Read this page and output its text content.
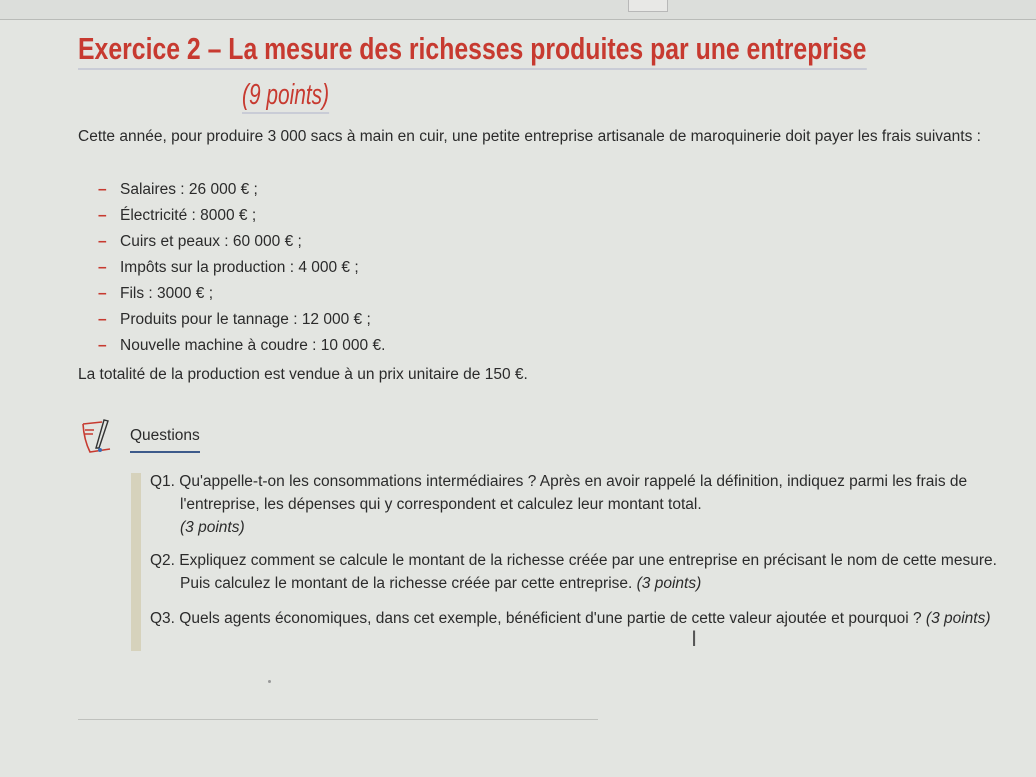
Exercice 2 – La mesure des richesses produites par une entreprise
(9 points)
Cette année, pour produire 3 000 sacs à main en cuir, une petite entreprise artisanale de maroquinerie doit payer les frais suivants :
– Salaires : 26 000 € ;
– Électricité : 8000 € ;
– Cuirs et peaux : 60 000 € ;
– Impôts sur la production : 4 000 € ;
– Fils : 3000 € ;
– Produits pour le tannage : 12 000 € ;
– Nouvelle machine à coudre : 10 000 €.
La totalité de la production est vendue à un prix unitaire de 150 €.
Questions
Q1. Qu'appelle-t-on les consommations intermédiaires ? Après en avoir rappelé la définition, indiquez parmi les frais de l'entreprise, les dépenses qui y correspondent et calculez leur montant total.
(3 points)
Q2. Expliquez comment se calcule le montant de la richesse créée par une entreprise en précisant le nom de cette mesure. Puis calculez le montant de la richesse créée par cette entreprise. (3 points)
Q3. Quels agents économiques, dans cet exemple, bénéficient d'une partie de cette valeur ajoutée et pourquoi ? (3 points)
I
